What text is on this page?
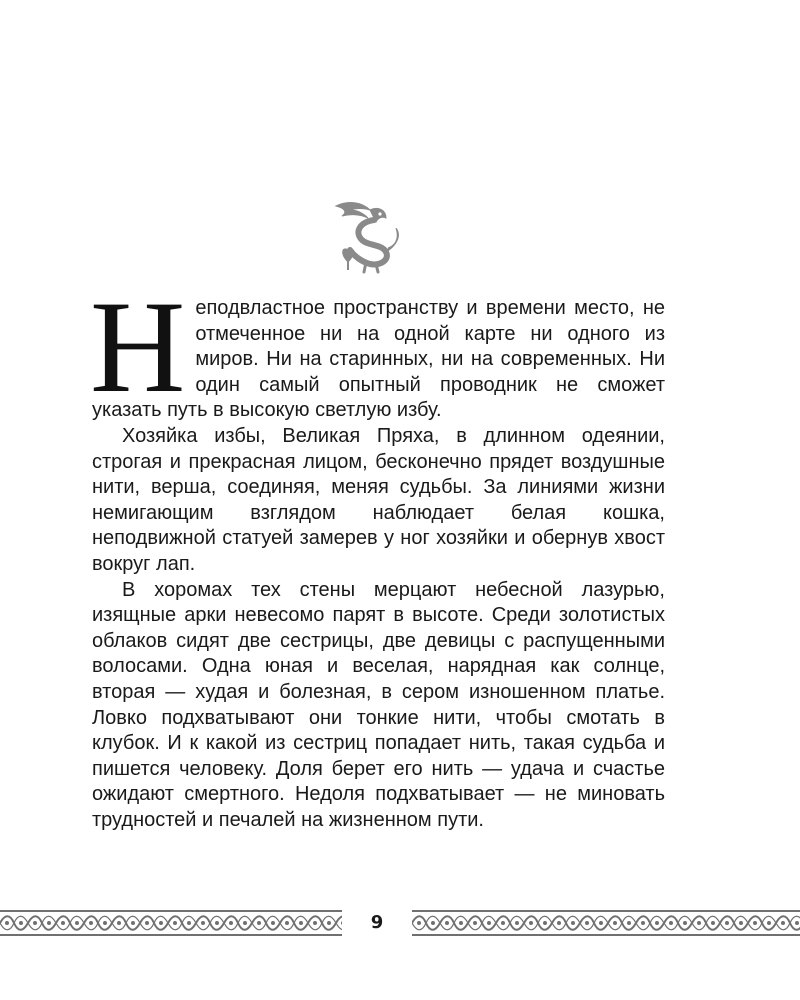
Неподвластное пространству и времени место, не отмеченное ни на одной карте ни одного из миров. Ни на старинных, ни на современных. Ни один самый опытный проводник не сможет указать путь в высокую светлую избу.

Хозяйка избы, Великая Пряха, в длинном одеянии, строгая и прекрасная лицом, бесконечно прядет воздушные нити, верша, соединяя, меняя судьбы. За линиями жизни немигающим взглядом наблюдает белая кошка, неподвижной статуей замерев у ног хозяйки и обернув хвост вокруг лап.

В хоромах тех стены мерцают небесной лазурью, изящные арки невесомо парят в высоте. Среди золотистых облаков сидят две сестрицы, две девицы с распущенными волосами. Одна юная и веселая, нарядная как солнце, вторая — худая и болезная, в сером изношенном платье. Ловко подхватывают они тонкие нити, чтобы смотать в клубок. И к какой из сестриц попадает нить, такая судьба и пишется человеку. Доля берет его нить — удача и счастье ожидают смертного. Недоля подхватывает — не миновать трудностей и печалей на жизненном пути.

9
